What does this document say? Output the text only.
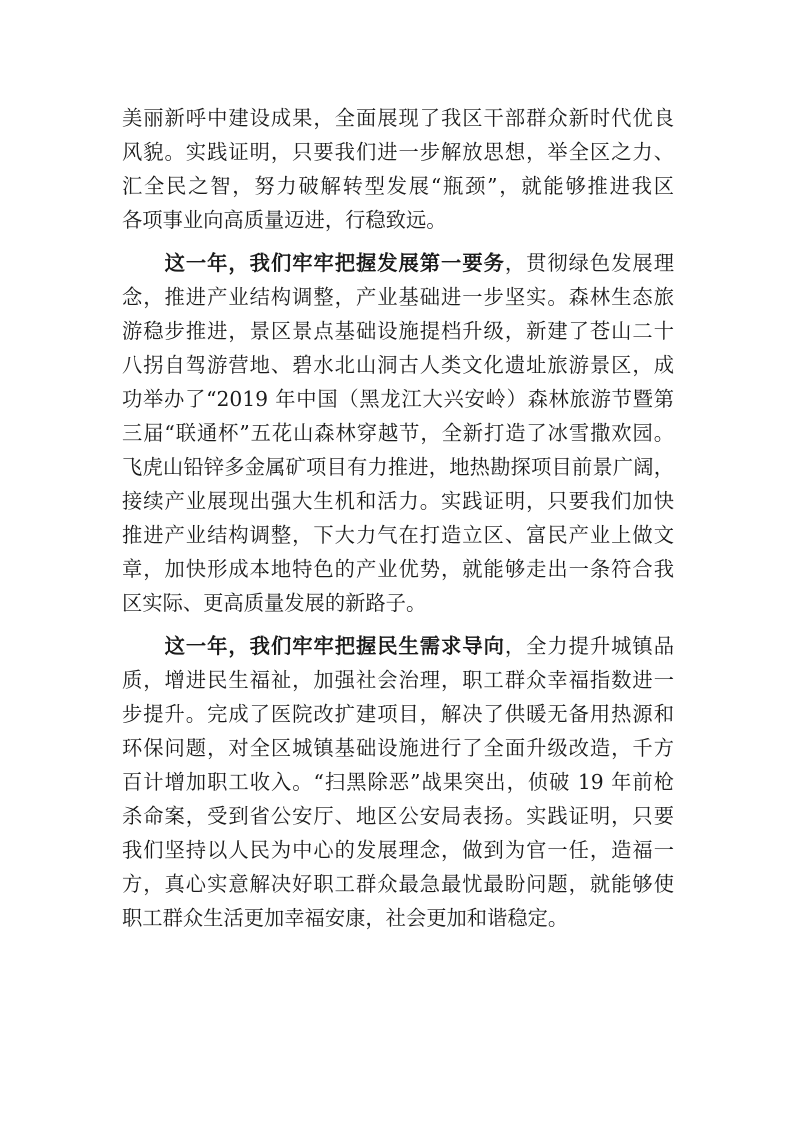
美丽新呼中建设成果，全面展现了我区干部群众新时代优良
风貌。实践证明，只要我们进一步解放思想，举全区之力、
汇全民之智，努力破解转型发展“瓶颈”，就能够推进我区
各项事业向高质量迈进，行稳致远。
这一年，我们牢牢把握发展第一要务，贯彻绿色发展理
念，推进产业结构调整，产业基础进一步坚实。森林生态旅
游稳步推进，景区景点基础设施提档升级，新建了苍山二十
八拐自驾游营地、碧水北山洞古人类文化遗址旅游景区，成
功举办了“2019 年中国（黑龙江大兴安岭）森林旅游节暨第
三届“联通杯”五花山森林穿越节，全新打造了冰雪撒欢园。
飞虎山铅锌多金属矿项目有力推进，地热勘探项目前景广阔，
接续产业展现出强大生机和活力。实践证明，只要我们加快
推进产业结构调整，下大力气在打造立区、富民产业上做文
章，加快形成本地特色的产业优势，就能够走出一条符合我
区实际、更高质量发展的新路子。
这一年，我们牢牢把握民生需求导向，全力提升城镇品
质，增进民生福祉，加强社会治理，职工群众幸福指数进一
步提升。完成了医院改扩建项目，解决了供暖无备用热源和
环保问题，对全区城镇基础设施进行了全面升级改造，千方
百计增加职工收入。“扫黑除恶”战果突出，侦破 19 年前枪
杀命案，受到省公安厅、地区公安局表扬。实践证明，只要
我们坚持以人民为中心的发展理念，做到为官一任，造福一
方，真心实意解决好职工群众最急最忧最盼问题，就能够使
职工群众生活更加幸福安康，社会更加和谐稳定。
